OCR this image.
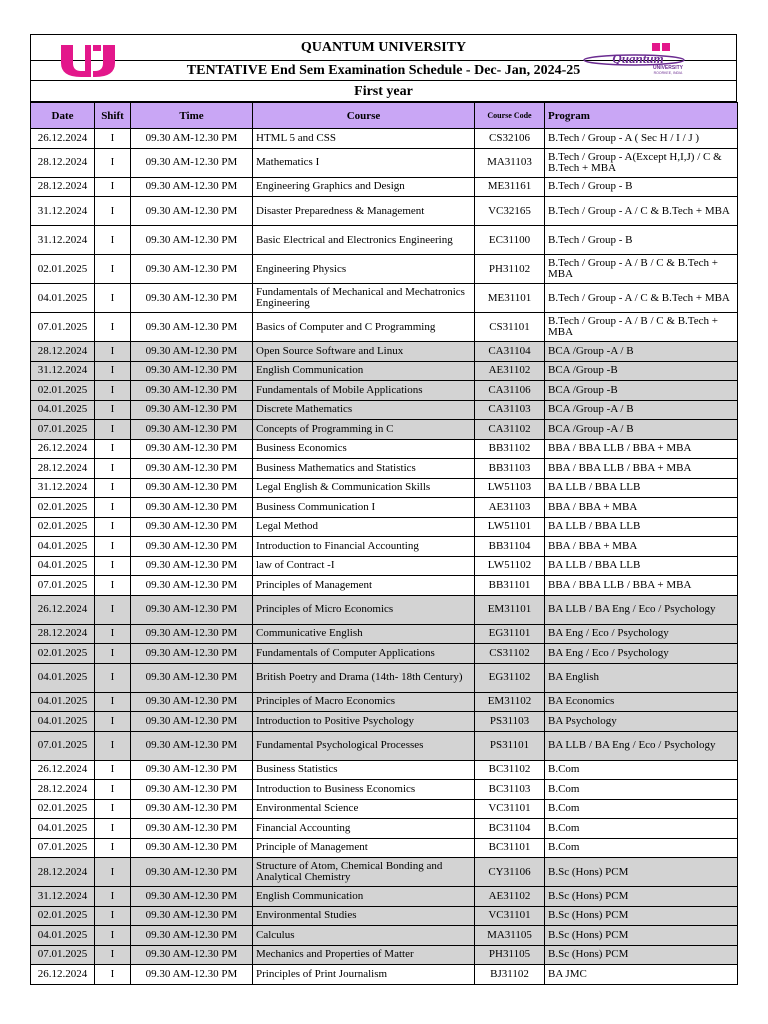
Quantum
UNIVERSITY
ROORKEE, INDIA
QUANTUM UNIVERSITY
TENTATIVE End Sem Examination Schedule - Dec- Jan, 2024-25
First year
Date	Shift	Time	Course	Course Code	Program
26.12.2024	I	09.30 AM-12.30 PM	HTML 5 and CSS	CS32106	B.Tech / Group - A ( Sec H / I / J )
28.12.2024	I	09.30 AM-12.30 PM	Mathematics I	MA31103	B.Tech / Group - A(Except H,I,J) / C & B.Tech + MBA
28.12.2024	I	09.30 AM-12.30 PM	Engineering Graphics and Design	ME31161	B.Tech / Group - B
31.12.2024	I	09.30 AM-12.30 PM	Disaster Preparedness & Management	VC32165	B.Tech / Group - A / C & B.Tech + MBA
31.12.2024	I	09.30 AM-12.30 PM	Basic Electrical and Electronics Engineering	EC31100	B.Tech / Group - B
02.01.2025	I	09.30 AM-12.30 PM	Engineering Physics	PH31102	B.Tech / Group - A / B / C & B.Tech + MBA
04.01.2025	I	09.30 AM-12.30 PM	Fundamentals of Mechanical and Mechatronics Engineering	ME31101	B.Tech / Group - A / C & B.Tech + MBA
07.01.2025	I	09.30 AM-12.30 PM	Basics of Computer and C Programming	CS31101	B.Tech / Group - A / B / C & B.Tech + MBA
28.12.2024	I	09.30 AM-12.30 PM	Open Source Software and Linux	CA31104	BCA /Group -A / B
31.12.2024	I	09.30 AM-12.30 PM	English Communication	AE31102	BCA /Group -B
02.01.2025	I	09.30 AM-12.30 PM	Fundamentals of Mobile Applications	CA31106	BCA /Group -B
04.01.2025	I	09.30 AM-12.30 PM	Discrete Mathematics	CA31103	BCA /Group -A / B
07.01.2025	I	09.30 AM-12.30 PM	Concepts of Programming in C	CA31102	BCA /Group -A / B
26.12.2024	I	09.30 AM-12.30 PM	Business Economics	BB31102	BBA / BBA LLB / BBA + MBA
28.12.2024	I	09.30 AM-12.30 PM	Business Mathematics and Statistics	BB31103	BBA / BBA LLB / BBA + MBA
31.12.2024	I	09.30 AM-12.30 PM	Legal English & Communication Skills	LW51103	BA LLB / BBA LLB
02.01.2025	I	09.30 AM-12.30 PM	Business Communication I	AE31103	BBA / BBA + MBA
02.01.2025	I	09.30 AM-12.30 PM	Legal Method	LW51101	BA LLB / BBA LLB
04.01.2025	I	09.30 AM-12.30 PM	Introduction to Financial Accounting	BB31104	BBA / BBA + MBA
04.01.2025	I	09.30 AM-12.30 PM	law of Contract -I	LW51102	BA LLB / BBA LLB
07.01.2025	I	09.30 AM-12.30 PM	Principles of Management	BB31101	BBA / BBA LLB / BBA + MBA
26.12.2024	I	09.30 AM-12.30 PM	Principles of Micro Economics	EM31101	BA LLB / BA Eng / Eco / Psychology
28.12.2024	I	09.30 AM-12.30 PM	Communicative English	EG31101	BA Eng / Eco / Psychology
02.01.2025	I	09.30 AM-12.30 PM	Fundamentals of Computer Applications	CS31102	BA Eng / Eco / Psychology
04.01.2025	I	09.30 AM-12.30 PM	British Poetry and Drama (14th- 18th Century)	EG31102	BA English
04.01.2025	I	09.30 AM-12.30 PM	Principles of Macro Economics	EM31102	BA Economics
04.01.2025	I	09.30 AM-12.30 PM	Introduction to Positive Psychology	PS31103	BA Psychology
07.01.2025	I	09.30 AM-12.30 PM	Fundamental Psychological Processes	PS31101	BA LLB / BA Eng / Eco / Psychology
26.12.2024	I	09.30 AM-12.30 PM	Business Statistics	BC31102	B.Com
28.12.2024	I	09.30 AM-12.30 PM	Introduction to Business Economics	BC31103	B.Com
02.01.2025	I	09.30 AM-12.30 PM	Environmental Science	VC31101	B.Com
04.01.2025	I	09.30 AM-12.30 PM	Financial Accounting	BC31104	B.Com
07.01.2025	I	09.30 AM-12.30 PM	Principle of Management	BC31101	B.Com
28.12.2024	I	09.30 AM-12.30 PM	Structure of Atom, Chemical Bonding and Analytical Chemistry	CY31106	B.Sc (Hons) PCM
31.12.2024	I	09.30 AM-12.30 PM	English Communication	AE31102	B.Sc (Hons) PCM
02.01.2025	I	09.30 AM-12.30 PM	Environmental Studies	VC31101	B.Sc (Hons) PCM
04.01.2025	I	09.30 AM-12.30 PM	Calculus	MA31105	B.Sc (Hons) PCM
07.01.2025	I	09.30 AM-12.30 PM	Mechanics and Properties of Matter	PH31105	B.Sc (Hons) PCM
26.12.2024	I	09.30 AM-12.30 PM	Principles of Print Journalism	BJ31102	BA JMC
